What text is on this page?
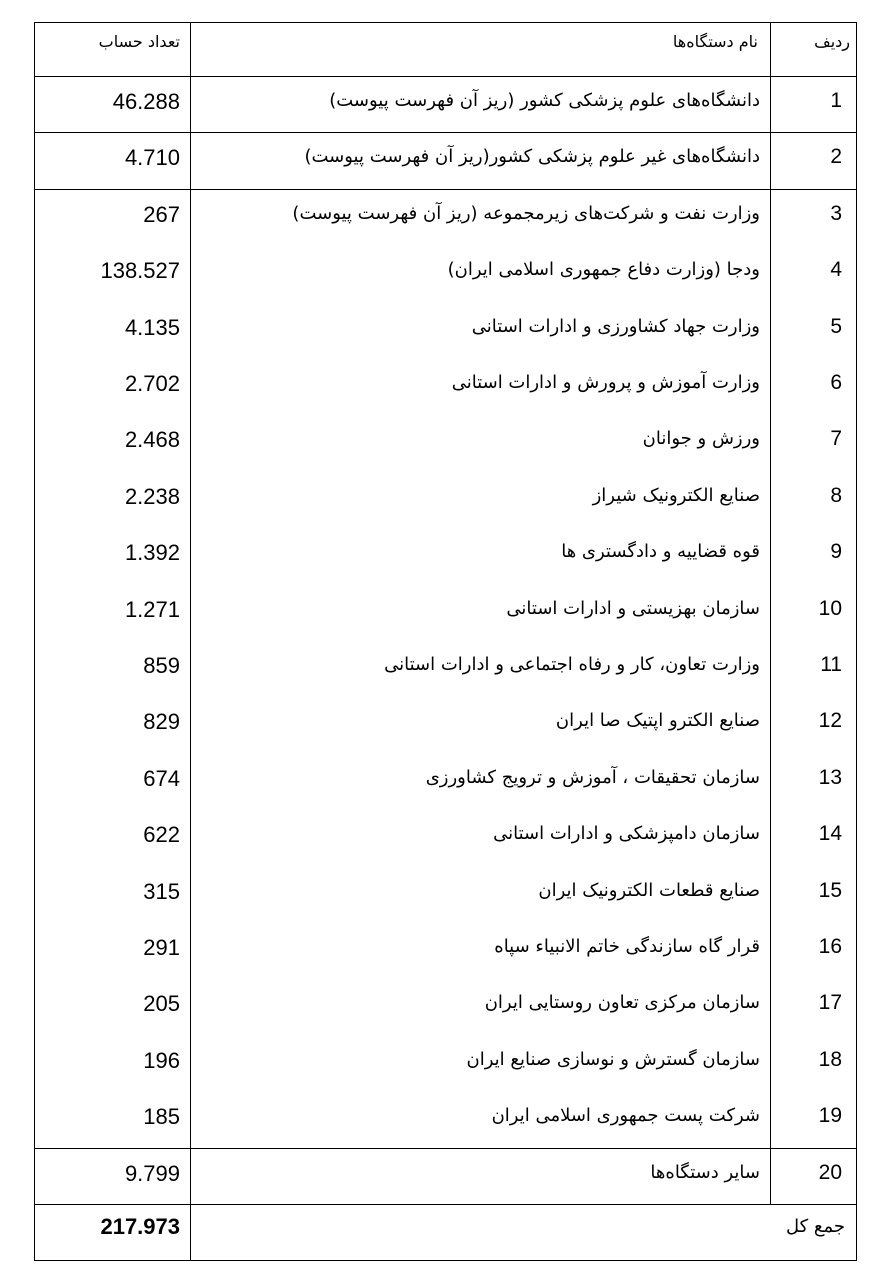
ردیف
نام دستگاه‌ها
تعداد حساب
1
دانشگاه‌های علوم پزشکی کشور (ریز آن فهرست پیوست)
46.288
2
دانشگاه‌های غیر علوم پزشکی کشور(ریز آن فهرست پیوست)
4.710
3
وزارت نفت و شرکت‌های زیرمجموعه (ریز آن فهرست پیوست)
267
4
ودجا (وزارت دفاع جمهوری اسلامی ایران)
138.527
5
وزارت جهاد کشاورزی و ادارات استانی
4.135
6
وزارت آموزش و پرورش و ادارات استانی
2.702
7
ورزش و جوانان
2.468
8
صنایع الکترونیک شیراز
2.238
9
قوه قضاییه و دادگستری ها
1.392
10
سازمان بهزیستی و ادارات استانی
1.271
11
وزارت تعاون، کار و رفاه اجتماعی و ادارات استانی
859
12
صنایع الکترو اپتیک صا ایران
829
13
سازمان تحقیقات ، آموزش و ترویج کشاورزی
674
14
سازمان دامپزشکی و ادارات استانی
622
15
صنایع قطعات الکترونیک ایران
315
16
قرار گاه سازندگی خاتم الانبیاء سپاه
291
17
سازمان مرکزی تعاون روستایی ایران
205
18
سازمان گسترش و نوسازی صنایع ایران
196
19
شرکت پست جمهوری اسلامی ایران
185
20
سایر دستگاه‌ها
9.799
جمع کل
217.973
